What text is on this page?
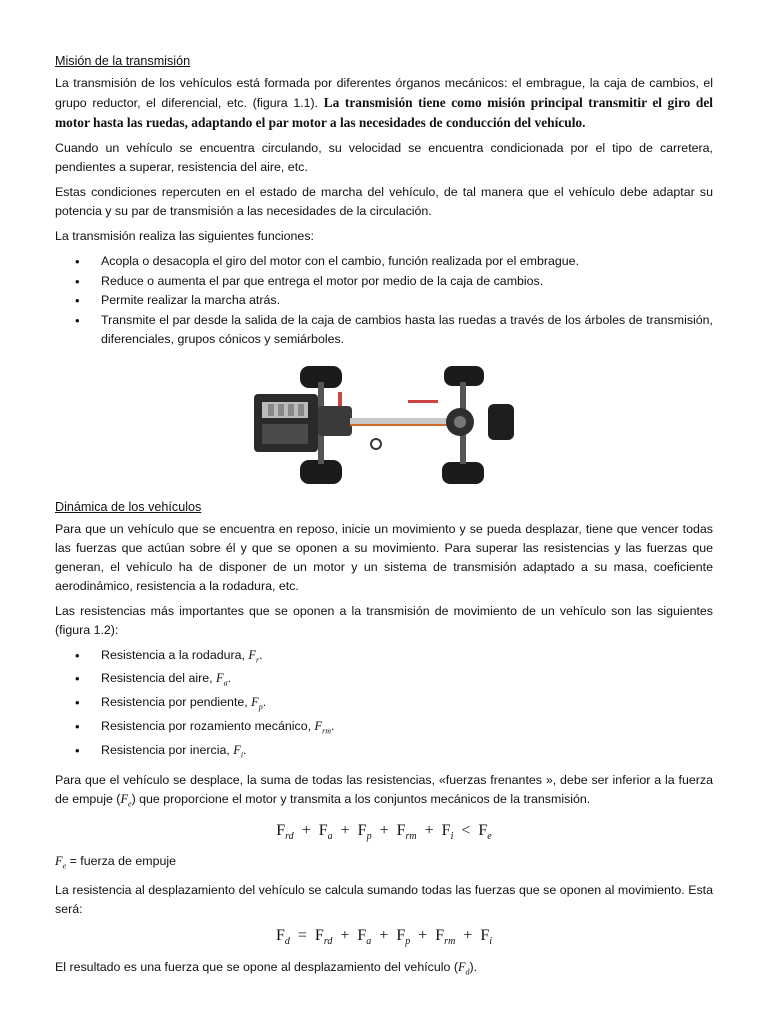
Misión de la transmisión

La transmisión de los vehículos está formada por diferentes órganos mecánicos: el embrague, la caja de cambios, el grupo reductor, el diferencial, etc. (figura 1.1). La transmisión tiene como misión principal transmitir el giro del motor hasta las ruedas, adaptando el par motor a las necesidades de conducción del vehículo.

Cuando un vehículo se encuentra circulando, su velocidad se encuentra condicionada por el tipo de carretera, pendientes a superar, resistencia del aire, etc.

Estas condiciones repercuten en el estado de marcha del vehículo, de tal manera que el vehículo debe adaptar su potencia y su par de transmisión a las necesidades de la circulación.

La transmisión realiza las siguientes funciones:

• Acopla o desacopla el giro del motor con el cambio, función realizada por el embrague.
• Reduce o aumenta el par que entrega el motor por medio de la caja de cambios.
• Permite realizar la marcha atrás.
• Transmite el par desde la salida de la caja de cambios hasta las ruedas a través de los árboles de transmisión, diferenciales, grupos cónicos y semiárboles.
Dinámica de los vehículos

Para que un vehículo que se encuentra en reposo, inicie un movimiento y se pueda desplazar, tiene que vencer todas las fuerzas que actúan sobre él y que se oponen a su movimiento. Para superar las resistencias y las fuerzas que generan, el vehículo ha de disponer de un motor y un sistema de transmisión adaptado a su masa, coeficiente aerodinámico, resistencia a la rodadura, etc.

Las resistencias más importantes que se oponen a la transmisión de movimiento de un vehículo son las siguientes (figura 1.2):

• Resistencia a la rodadura, $F_r$.
• Resistencia del aire, $F_a$.
• Resistencia por pendiente, $F_p$.
• Resistencia por rozamiento mecánico, $F_{rm}$.
• Resistencia por inercia, $F_i$.

Para que el vehículo se desplace, la suma de todas las resistencias, «fuerzas frenantes », debe ser inferior a la fuerza de empuje $(F_e)$ que proporcione el motor y transmita a los conjuntos mecánicos de la transmisión.

$F_{rd}$ + $F_a$ + $F_p$ + $F_{rm}$ + $F_i$ < $F_e$

$F_e$ = fuerza de empuje

La resistencia al desplazamiento del vehículo se calcula sumando todas las fuerzas que se oponen al movimiento. Esta será:

$F_d$ = $F_{rd}$ + $F_a$ + $F_p$ + $F_{rm}$ + $F_i$

El resultado es una fuerza que se opone al desplazamiento del vehículo $(F_d)$.
